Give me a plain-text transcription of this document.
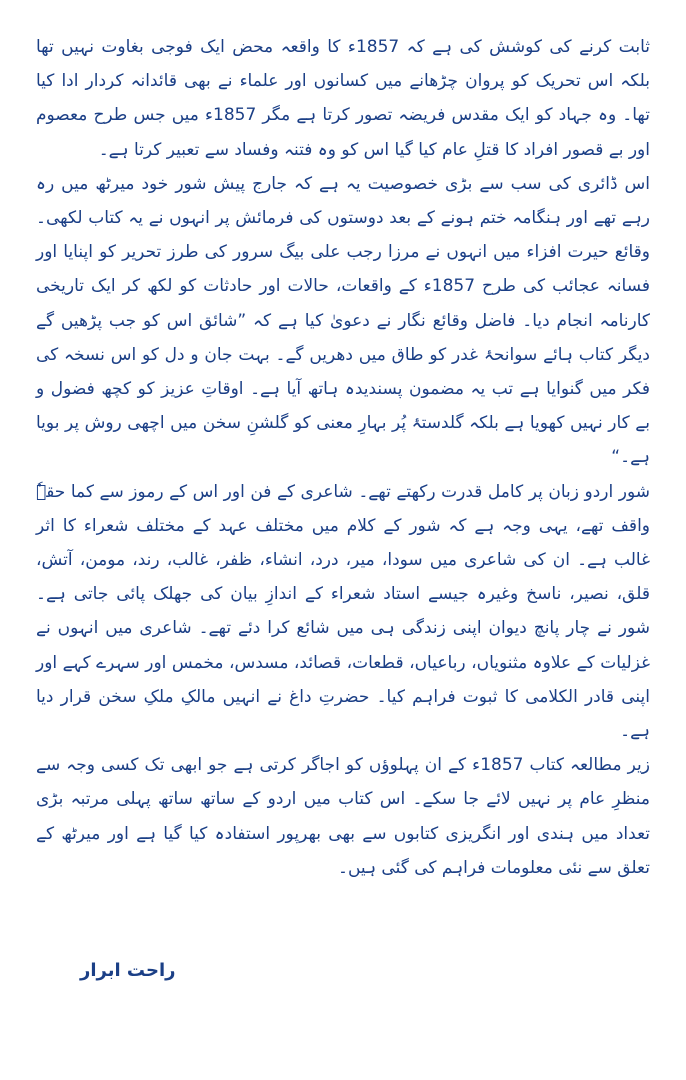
ثابت کرنے کی کوشش کی ہے کہ 1857ء کا واقعہ محض ایک فوجی بغاوت نہیں تھا بلکہ اس تحریک کو پروان چڑھانے میں کسانوں اور علماء نے بھی قائدانہ کردار ادا کیا تھا۔ وہ جہاد کو ایک مقدس فریضہ تصور کرتا ہے مگر 1857ء میں جس طرح معصوم اور بے قصور افراد کا قتلِ عام کیا گیا اس کو وہ فتنہ وفساد سے تعبیر کرتا ہے۔

اس ڈائری کی سب سے بڑی خصوصیت یہ ہے کہ جارج پیش شور خود میرٹھ میں رہ رہے تھے اور ہنگامہ ختم ہونے کے بعد دوستوں کی فرمائش پر انہوں نے یہ کتاب لکھی۔ وقائع حیرت افزاء میں انہوں نے مرزا رجب علی بیگ سرور کی طرز تحریر کو اپنایا اور فسانہ عجائب کی طرح 1857ء کے واقعات، حالات اور حادثات کو لکھ کر ایک تاریخی کارنامہ انجام دیا۔ فاضل وقائع نگار نے دعویٰ کیا ہے کہ ”شائق اس کو جب پڑھیں گے دیگر کتاب ہائے سوانحۂ غدر کو طاق میں دھریں گے۔ بہت جان و دل کو اس نسخہ کی فکر میں گنوایا ہے تب یہ مضمون پسندیدہ ہاتھ آیا ہے۔ اوقاتِ عزیز کو کچھ فضول و بے کار نہیں کھویا ہے بلکہ گلدستۂ پُر بہارِ معنی کو گلشنِ سخن میں اچھی روش پر بویا ہے۔“

شور اردو زبان پر کامل قدرت رکھتے تھے۔ شاعری کے فن اور اس کے رموز سے کما حقہٗ واقف تھے، یہی وجہ ہے کہ شور کے کلام میں مختلف عہد کے مختلف شعراء کا اثر غالب ہے۔ ان کی شاعری میں سودا، میر، درد، انشاء، ظفر، غالب، رند، مومن، آتش، قلق، نصیر، ناسخ وغیرہ جیسے استاد شعراء کے اندازِ بیان کی جھلک پائی جاتی ہے۔ شور نے چار پانچ دیوان اپنی زندگی ہی میں شائع کرا دئے تھے۔ شاعری میں انہوں نے غزلیات کے علاوہ مثنویاں، رباعیاں، قطعات، قصائد، مسدس، مخمس اور سہرے کہے اور اپنی قادر الکلامی کا ثبوت فراہم کیا۔ حضرتِ داغ نے انہیں مالکِ ملکِ سخن قرار دیا ہے۔

زیر مطالعہ کتاب 1857ء کے ان پہلوؤں کو اجاگر کرتی ہے جو ابھی تک کسی وجہ سے منظرِ عام پر نہیں لائے جا سکے۔ اس کتاب میں اردو کے ساتھ ساتھ پہلی مرتبہ بڑی تعداد میں ہندی اور انگریزی کتابوں سے بھی بھرپور استفادہ کیا گیا ہے اور میرٹھ کے تعلق سے نئی معلومات فراہم کی گئی ہیں۔

راحت ابرار
